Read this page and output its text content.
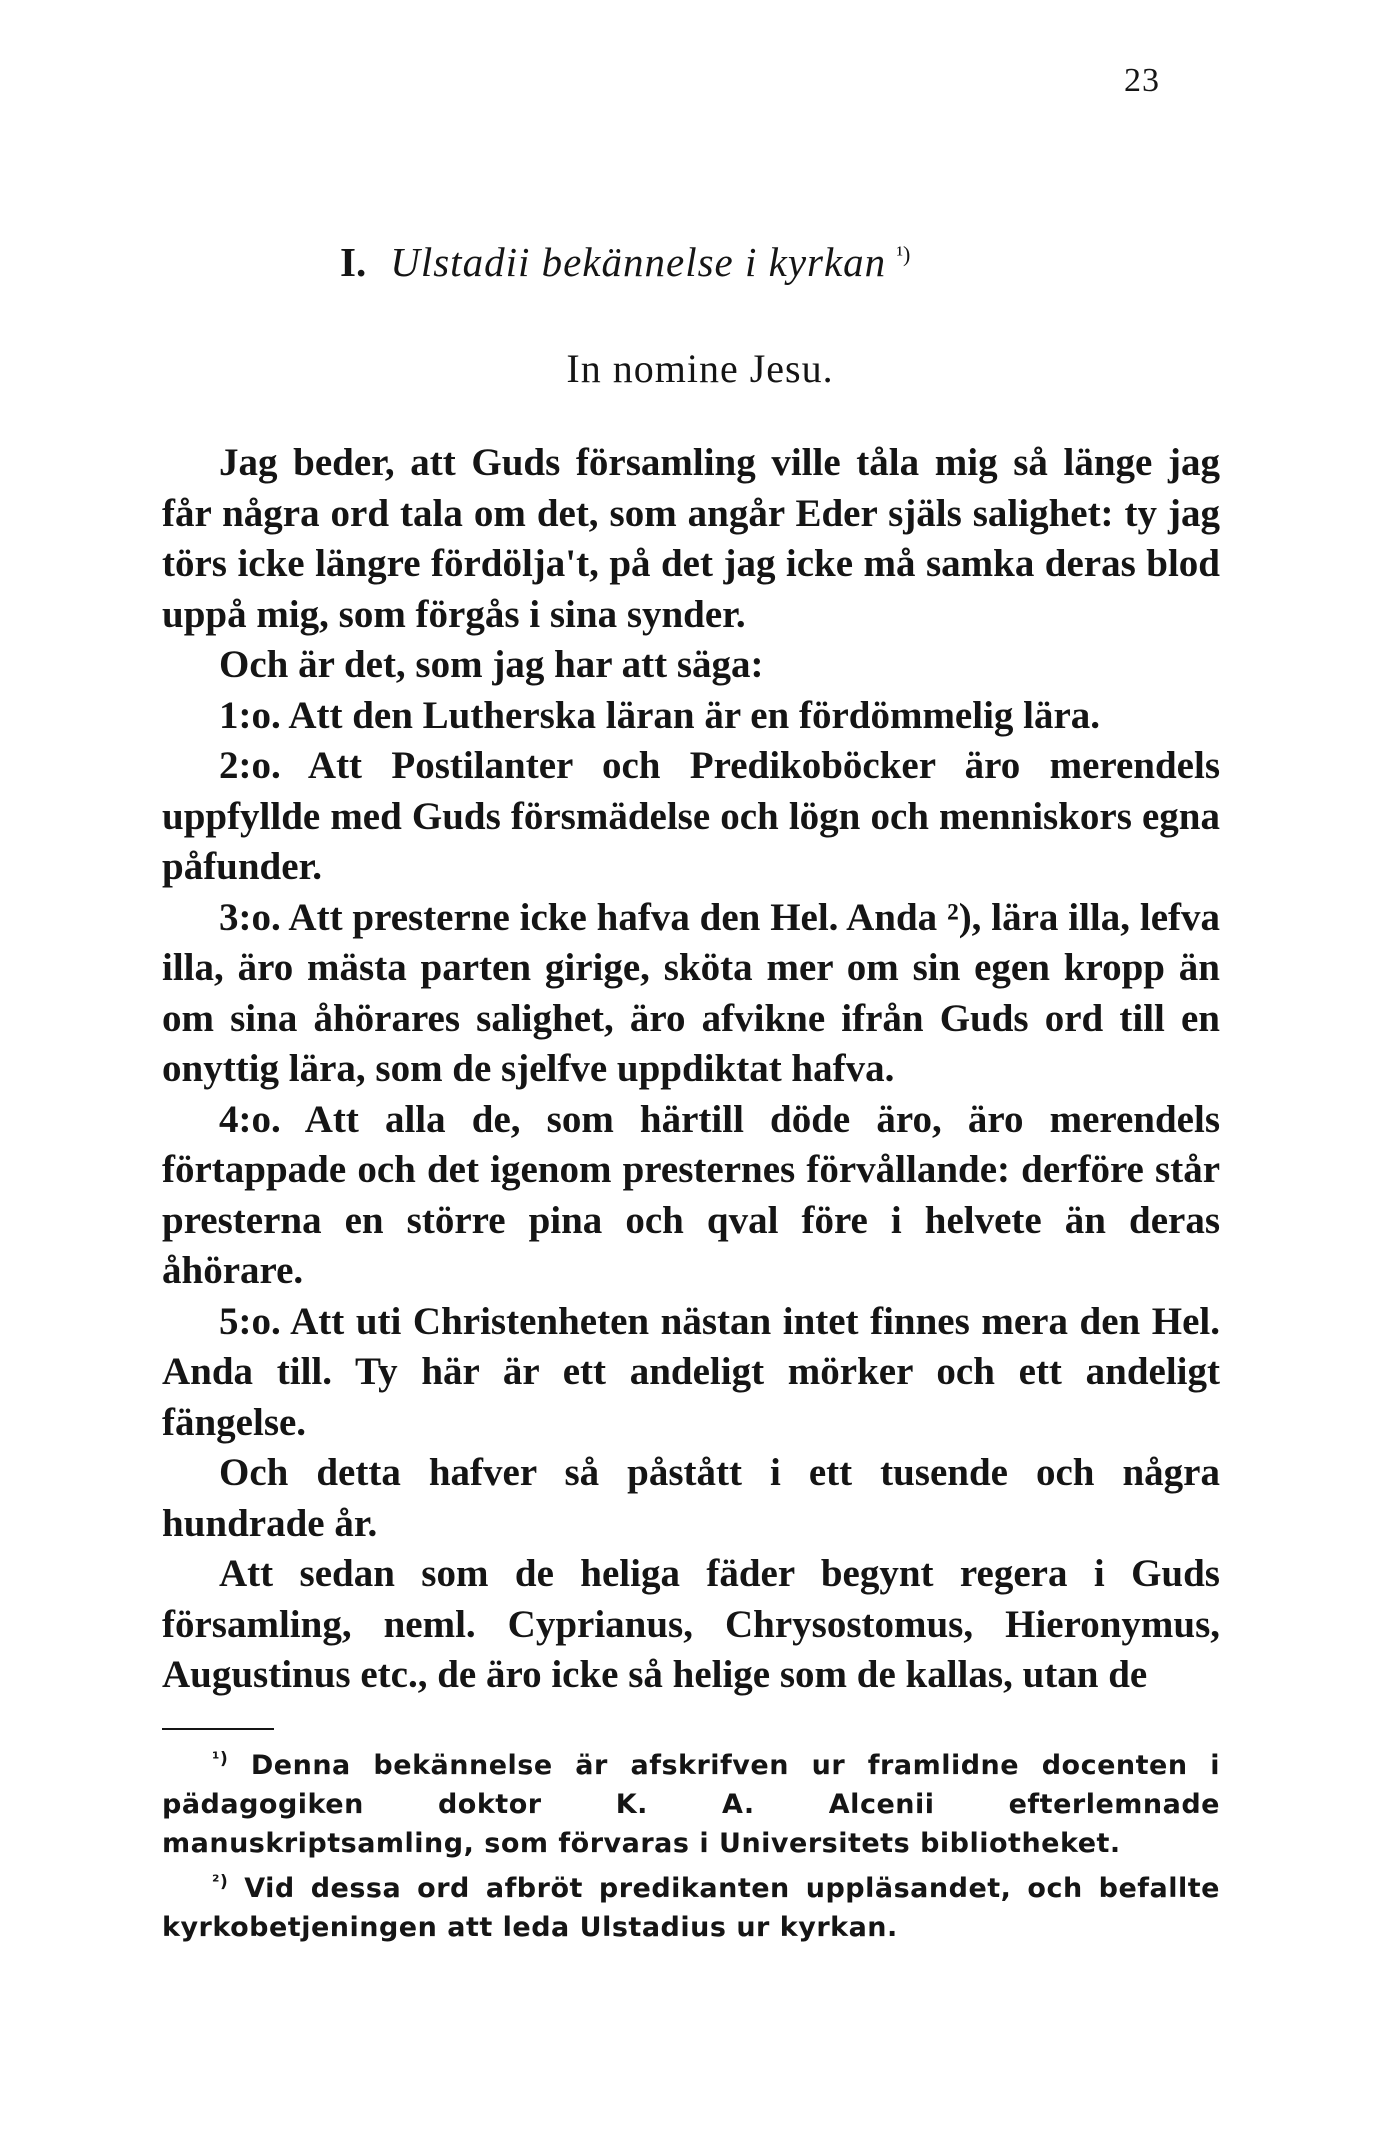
23
I. Ulstadii bekännelse i kyrkan $^{^1)}$
In nomine Jesu.

Jag beder, att Guds församling ville tåla mig så länge jag får några ord tala om det, som angår Eder själs salighet: ty jag törs icke längre fördölja't, på det jag icke må samka deras blod uppå mig, som förgås i sina synder.

Och är det, som jag har att säga:

1:o. Att den Lutherska läran är en fördömmelig lära.

2:o. Att Postilanter och Predikoböcker äro merendels uppfyllde med Guds försmädelse och lögn och menniskors egna påfunder.

3:o. Att presterne icke hafva den Hel. Anda ²), lära illa, lefva illa, äro mästa parten girige, sköta mer om sin egen kropp än om sina åhörares salighet, äro afvikne ifrån Guds ord till en onyttig lära, som de sjelfve uppdiktat hafva.

4:o. Att alla de, som härtill döde äro, äro merendels förtappade och det igenom presternes förvållande: derföre står presterna en större pina och qval före i helvete än deras åhörare.

5:o. Att uti Christenheten nästan intet finnes mera den Hel. Anda till. Ty här är ett andeligt mörker och ett andeligt fängelse.

Och detta hafver så påstått i ett tusende och några hundrade år.

Att sedan som de heliga fäder begynt regera i Guds församling, neml. Cyprianus, Chrysostomus, Hieronymus, Augustinus etc., de äro icke så helige som de kallas, utan de

$^{^1)}$ Denna bekännelse är afskrifven ur framlidne docenten i pädagogiken doktor K. A. Alcenii efterlemnade manuskriptsamling, som förvaras i Universitets bibliotheket.

$^{^2)}$ Vid dessa ord afbröt predikanten uppläsandet, och befallte kyrkobetjeningen att leda Ulstadius ur kyrkan.
